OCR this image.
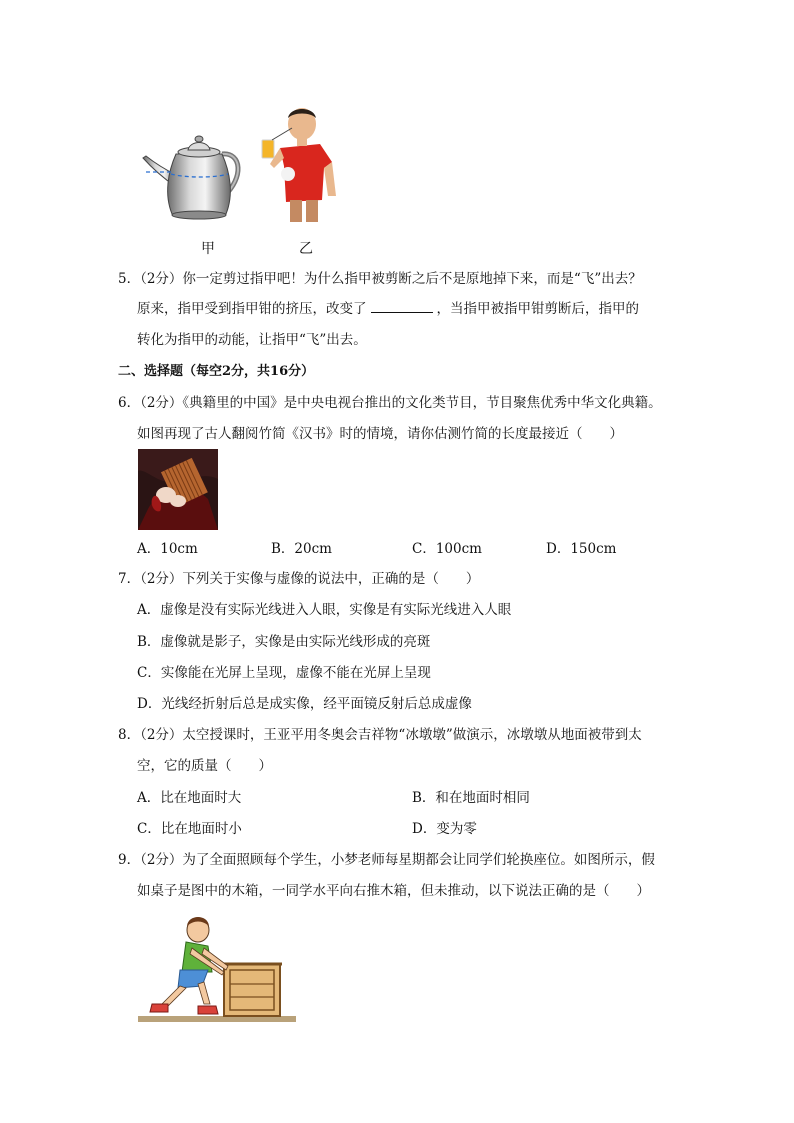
甲	乙
5．（2分）你一定剪过指甲吧！为什么指甲被剪断之后不是原地掉下来，而是“飞”出去？
原来，指甲受到指甲钳的挤压，改变了	，当指甲被指甲钳剪断后，指甲的
转化为指甲的动能，让指甲“飞”出去。
二、选择题（每空2分，共16分）
6．（2分）《典籍里的中国》是中央电视台推出的文化类节目，节目聚焦优秀中华文化典籍。
如图再现了古人翻阅竹简《汉书》时的情境，请你估测竹简的长度最接近（　　）
A．10cm	B．20cm	C．100cm	D．150cm
7．（2分）下列关于实像与虚像的说法中，正确的是（　　）
A．虚像是没有实际光线进入人眼，实像是有实际光线进入人眼
B．虚像就是影子，实像是由实际光线形成的亮斑
C．实像能在光屏上呈现，虚像不能在光屏上呈现
D．光线经折射后总是成实像，经平面镜反射后总成虚像
8．（2分）太空授课时，王亚平用冬奥会吉祥物“冰墩墩”做演示，冰墩墩从地面被带到太
空，它的质量（　　）
A．比在地面时大	B．和在地面时相同
C．比在地面时小	D．变为零
9．（2分）为了全面照顾每个学生，小梦老师每星期都会让同学们轮换座位。如图所示，假
如桌子是图中的木箱，一同学水平向右推木箱，但未推动，以下说法正确的是（　　）
